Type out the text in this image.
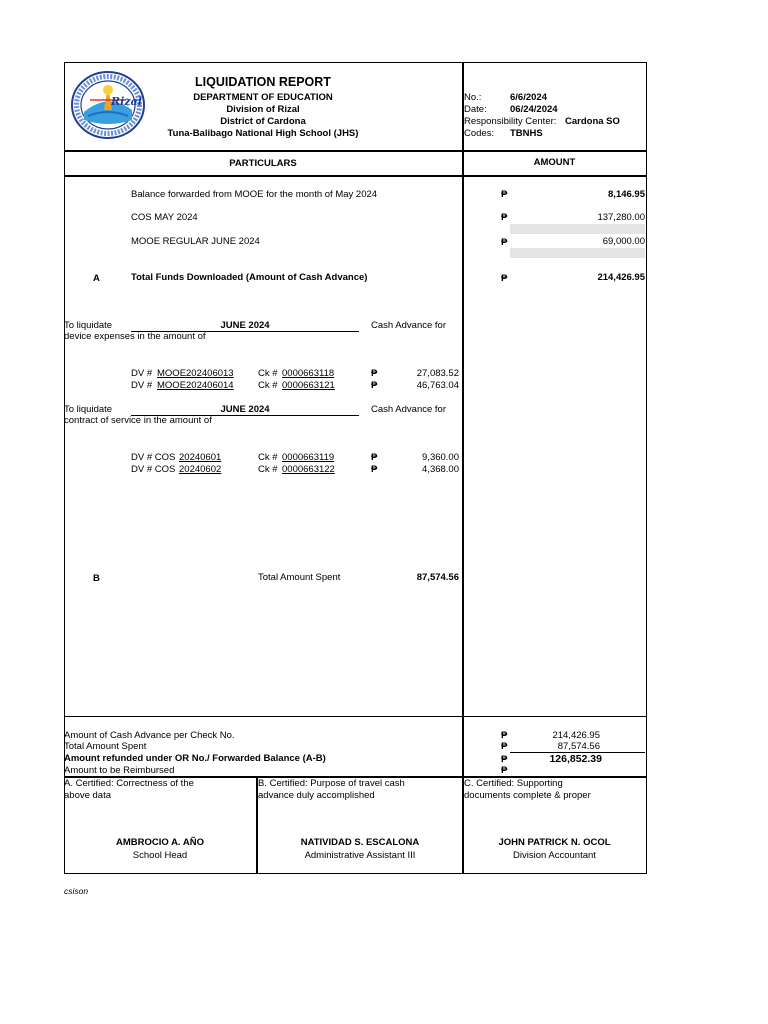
Rizal
LIQUIDATION REPORT
DEPARTMENT OF EDUCATION
Division of Rizal
District of Cardona
Tuna-Balibago National High School (JHS)
No.:	6/6/2024
Date: 06/24/2024
Responsibility Center: Cardona SO
Codes: TBNHS
PARTICULARS	AMOUNT
Balance forwarded from MOOE for the month of May 2024	₱	8,146.95
COS MAY 2024	₱	137,280.00
MOOE REGULAR JUNE 2024	₱	69,000.00
A	Total Funds Downloaded (Amount of Cash Advance)	₱	214,426.95
To liquidate	JUNE 2024	Cash Advance for
device expenses in the amount of
DV # MOOE202406013	Ck # 0000663118	₱	27,083.52
DV # MOOE202406014	Ck # 0000663121	₱	46,763.04
To liquidate	JUNE 2024	Cash Advance for
contract of service in the amount of
DV # COS 20240601	Ck # 0000663119	₱	9,360.00
DV # COS 20240602	Ck # 0000663122	₱	4,368.00
B	Total Amount Spent	87,574.56
Amount of Cash Advance per Check No.	₱	214,426.95
Total Amount Spent	₱	87,574.56
Amount refunded under OR No./ Forwarded Balance (A-B)	₱	126,852.39
Amount to be Reimbursed	₱
A. Certified: Correctness of the
above data
AMBROCIO A. AÑO
School Head
B. Certified: Purpose of travel cash
advance duly accomplished
NATIVIDAD S. ESCALONA
Administrative Assistant III
C. Certified: Supporting
documents complete & proper
JOHN PATRICK N. OCOL
Division Accountant
csison
